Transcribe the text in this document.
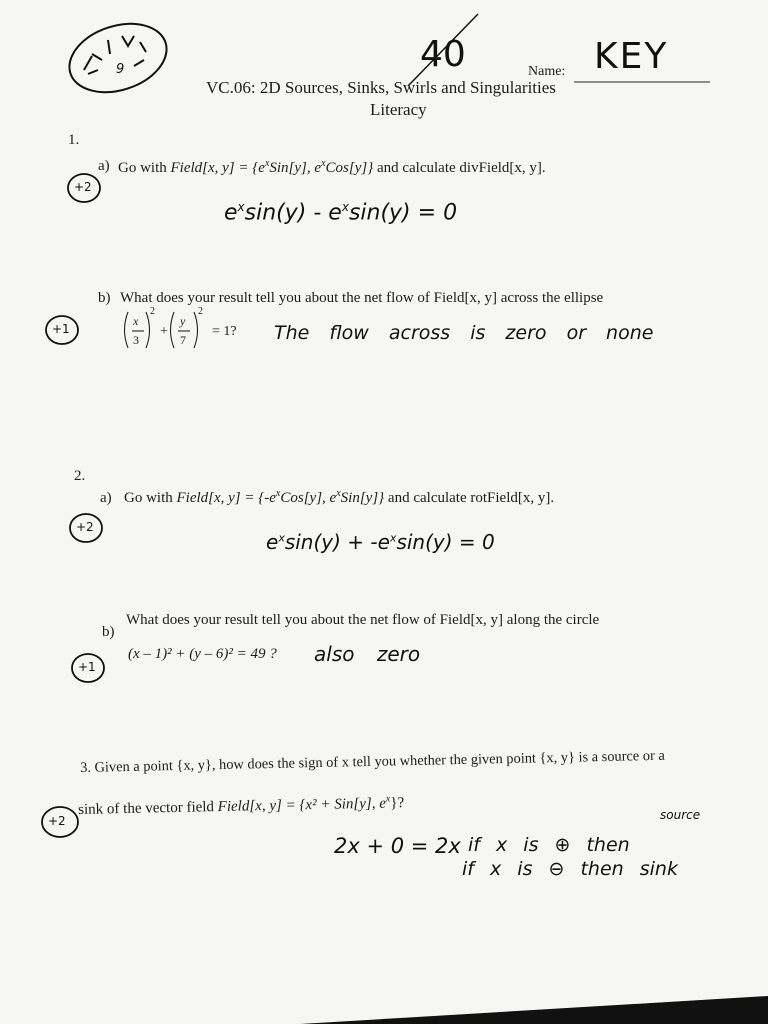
40	Name: KEY
VC.06: 2D Sources, Sinks, Swirls and Singularities
Literacy
9
1.
a) Go with Field[x, $y] = \{e^xSin[y]$, $e^xCos[y]$} and calculate divField[x, y].
+2
$e^x\sin(y) - e^x\sin(y) = 0$
b) What does your result tell you about the net flow of Field[x, y] across the ellipse
+1
x
3
2
+
y
7
2
= 1? The flow across is zero or none
2.
a) Go with Field[x, $y] = \{-e^xCos[y]$, $e^xSin[y]$} and calculate rotField[x, y].
+2
$e^x\sin(y) + -e^x\sin(y) = 0$
b)
What does your result tell you about the net flow of Field[x, y] along the circle
+1
(x – 1)² + (y – 6)² = 49 ? also zero
3. Given a point {x, y}, how does the sign of x tell you whether the given point {x, y} is a source or a
sink of the vector field Field[x, y] = {x² + Sin[y], $e^x$}?
+2
2x + 0 = 2x if x is ⊕ then
source
if x is ⊖ then sink
